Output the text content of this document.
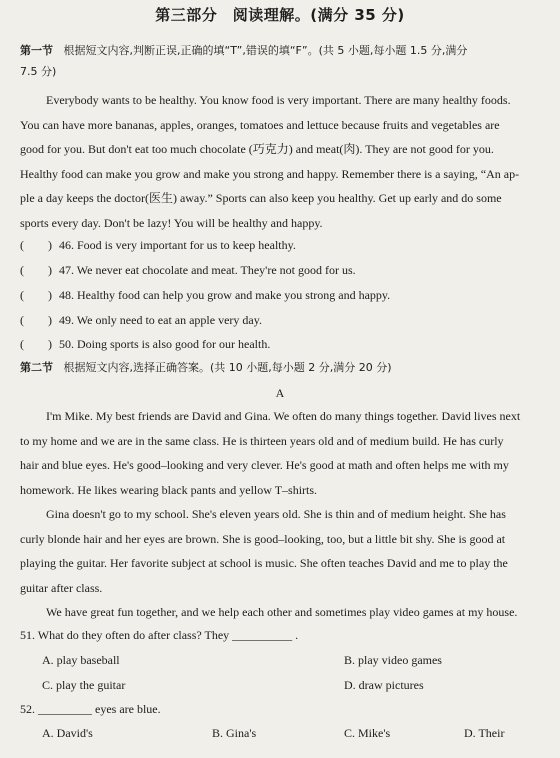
第三部分　阅读理解。(满分 35 分)
第一节 根据短文内容,判断正误,正确的填“T”,错误的填“F”。(共 5 小题,每小题 1.5 分,满分
7.5 分)
Everybody wants to be healthy. You know food is very important. There are many healthy foods.
You can have more bananas, apples, oranges, tomatoes and lettuce because fruits and vegetables are
good for you. But don't eat too much chocolate (巧克力) and meat(肉). They are not good for you.
Healthy food can make you grow and make you strong and happy. Remember there is a saying, “An ap-
ple a day keeps the doctor(医生) away.” Sports can also keep you healthy. Get up early and do some
sports every day. Don't be lazy! You will be healthy and happy.
(　　) 46. Food is very important for us to keep healthy.
(　　) 47. We never eat chocolate and meat. They're not good for us.
(　　) 48. Healthy food can help you grow and make you strong and happy.
(　　) 49. We only need to eat an apple very day.
(　　) 50. Doing sports is also good for our health.
第二节 根据短文内容,选择正确答案。(共 10 小题,每小题 2 分,满分 20 分)
A
I'm Mike. My best friends are David and Gina. We often do many things together. David lives next
to my home and we are in the same class. He is thirteen years old and of medium build. He has curly
hair and blue eyes. He's good–looking and very clever. He's good at math and often helps me with my
homework. He likes wearing black pants and yellow T–shirts.
Gina doesn't go to my school. She's eleven years old. She is thin and of medium height. She has
curly blonde hair and her eyes are brown. She is good–looking, too, but a little bit shy. She is good at
playing the guitar. Her favorite subject at school is music. She often teaches David and me to play the
guitar after class.
We have great fun together, and we help each other and sometimes play video games at my house.
51. What do they often do after class? They __________ .
A. play baseball	B. play video games
C. play the guitar	D. draw pictures
52. _________ eyes are blue.
A. David's	B. Gina's	C. Mike's	D. Their
